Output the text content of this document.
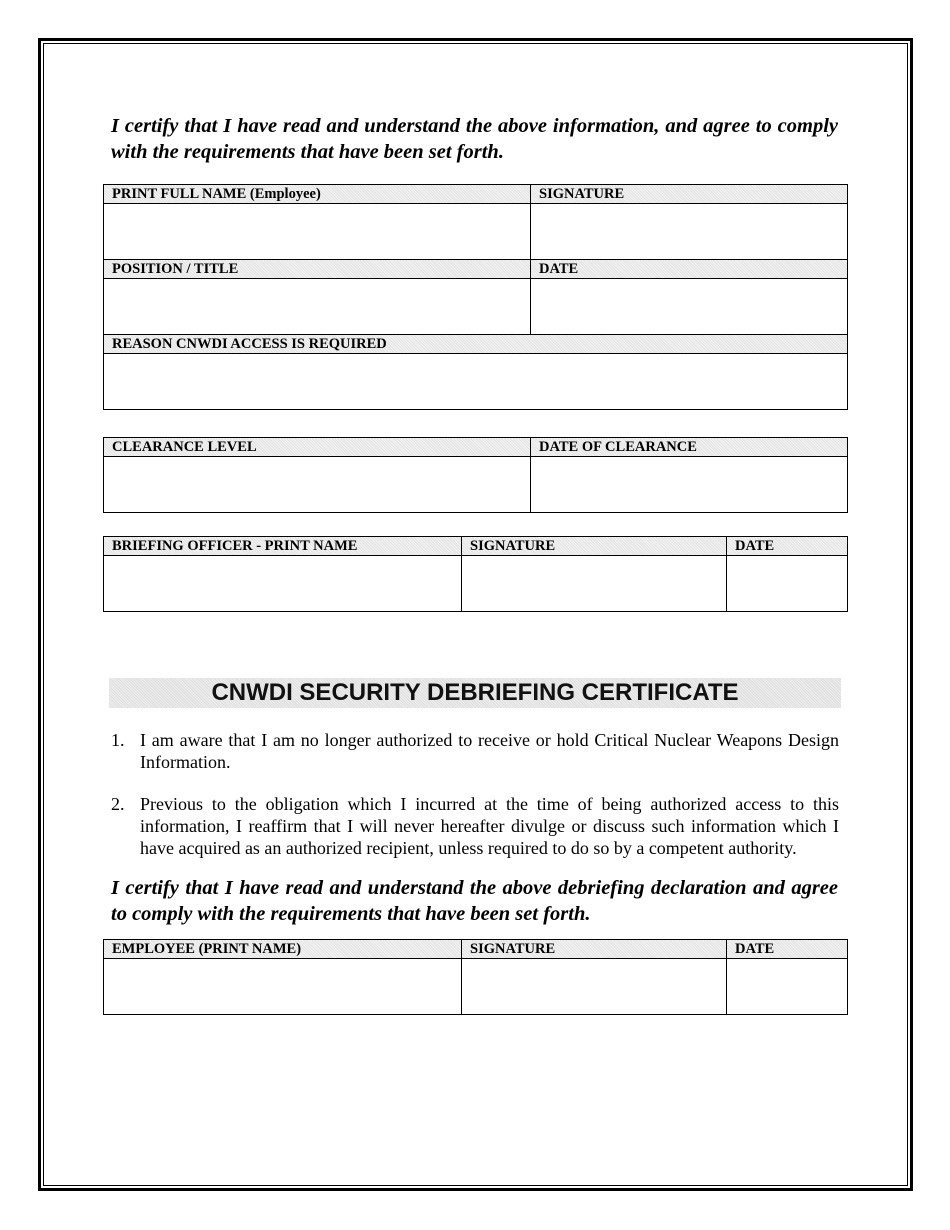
I certify that I have read and understand the above information, and agree to comply with the requirements that have been set forth.

PRINT FULL NAME (Employee)	SIGNATURE

POSITION / TITLE	DATE

REASON CNWDI ACCESS IS REQUIRED	

CLEARANCE LEVEL	DATE OF CLEARANCE

BRIEFING OFFICER - PRINT NAME	SIGNATURE	DATE

CNWDI SECURITY DEBRIEFING CERTIFICATE
1. I am aware that I am no longer authorized to receive or hold Critical Nuclear Weapons Design Information.
2. Previous to the obligation which I incurred at the time of being authorized access to this information, I reaffirm that I will never hereafter divulge or discuss such information which I have acquired as an authorized recipient, unless required to do so by a competent authority.

I certify that I have read and understand the above debriefing declaration and agree to comply with the requirements that have been set forth.

EMPLOYEE (PRINT NAME)	SIGNATURE	DATE
